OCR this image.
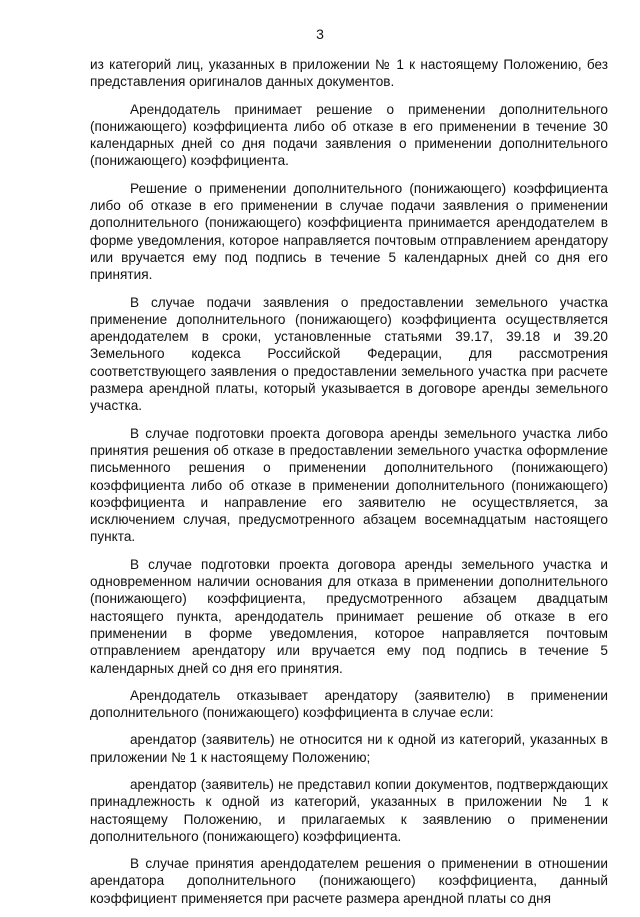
3

из категорий лиц, указанных в приложении № 1 к настоящему Положению, без представления оригиналов данных документов.

Арендодатель принимает решение о применении дополнительного (понижающего) коэффициента либо об отказе в его применении в течение 30 календарных дней со дня подачи заявления о применении дополнительного (понижающего) коэффициента.

Решение о применении дополнительного (понижающего) коэффициента либо об отказе в его применении в случае подачи заявления о применении дополнительного (понижающего) коэффициента принимается арендодателем в форме уведомления, которое направляется почтовым отправлением арендатору или вручается ему под подпись в течение 5 календарных дней со дня его принятия.

В случае подачи заявления о предоставлении земельного участка применение дополнительного (понижающего) коэффициента осуществляется арендодателем в сроки, установленные статьями 39.17, 39.18 и 39.20 Земельного кодекса Российской Федерации, для рассмотрения соответствующего заявления о предоставлении земельного участка при расчете размера арендной платы, который указывается в договоре аренды земельного участка.

В случае подготовки проекта договора аренды земельного участка либо принятия решения об отказе в предоставлении земельного участка оформление письменного решения о применении дополнительного (понижающего) коэффициента либо об отказе в применении дополнительного (понижающего) коэффициента и направление его заявителю не осуществляется, за исключением случая, предусмотренного абзацем восемнадцатым настоящего пункта.

В случае подготовки проекта договора аренды земельного участка и одновременном наличии основания для отказа в применении дополнительного (понижающего) коэффициента, предусмотренного абзацем двадцатым настоящего пункта, арендодатель принимает решение об отказе в его применении в форме уведомления, которое направляется почтовым отправлением арендатору или вручается ему под подпись в течение 5 календарных дней со дня его принятия.

Арендодатель отказывает арендатору (заявителю) в применении дополнительного (понижающего) коэффициента в случае если:

арендатор (заявитель) не относится ни к одной из категорий, указанных в приложении № 1 к настоящему Положению;

арендатор (заявитель) не представил копии документов, подтверждающих принадлежность к одной из категорий, указанных в приложении № 1 к настоящему Положению, и прилагаемых к заявлению о применении дополнительного (понижающего) коэффициента.

В случае принятия арендодателем решения о применении в отношении арендатора дополнительного (понижающего) коэффициента, данный коэффициент применяется при расчете размера арендной платы со дня
